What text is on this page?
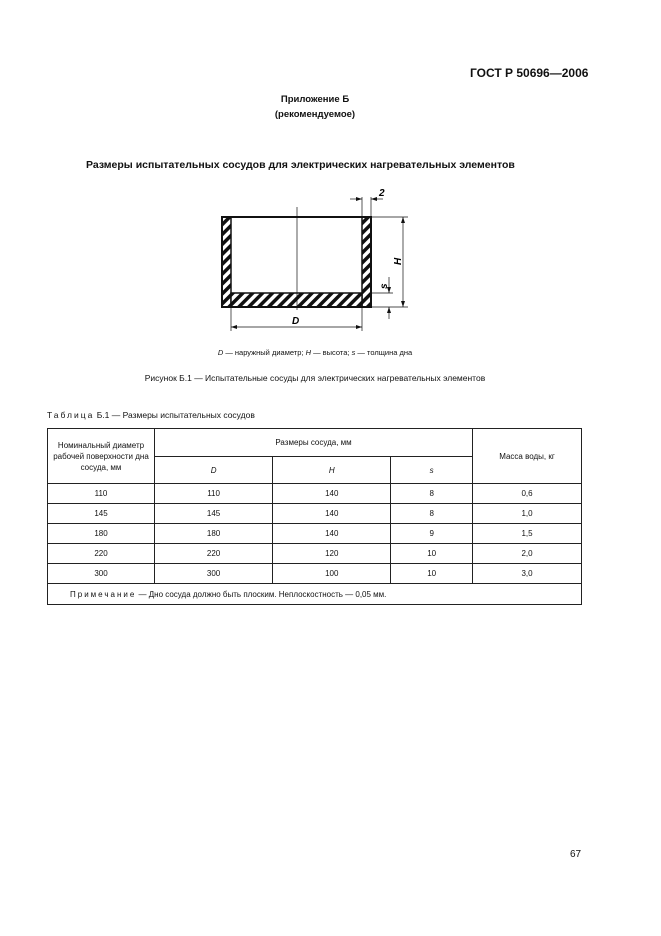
ГОСТ Р 50696—2006
Приложение Б
(рекомендуемое)
Размеры испытательных сосудов для электрических нагревательных элементов
2
H
s
D
D — наружный диаметр; H — высота; s — толщина дна
Рисунок Б.1 — Испытательные сосуды для электрических нагревательных элементов
Таблица Б.1 — Размеры испытательных сосудов
Номинальный диаметр рабочей поверхности дна сосуда, мм	Размеры сосуда, мм			Масса воды, кг
	D	H	s	
110	110	140	8	0,6
145	145	140	8	1,0
180	180	140	9	1,5
220	220	120	10	2,0
300	300	100	10	3,0
Примечание — Дно сосуда должно быть плоским. Неплоскостность — 0,05 мм.				
67
